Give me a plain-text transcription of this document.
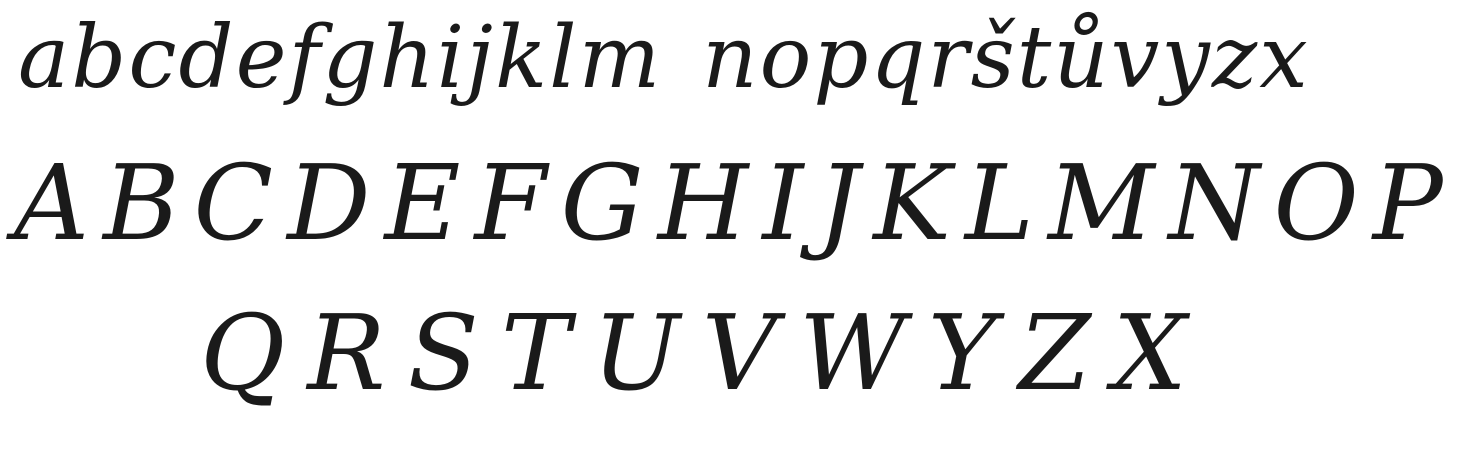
a b c d e f g h i j k l m n o p q r š t ů v y z x
A B C D E F G H I J K L M N O P
Q R S T U V W Y Z X
